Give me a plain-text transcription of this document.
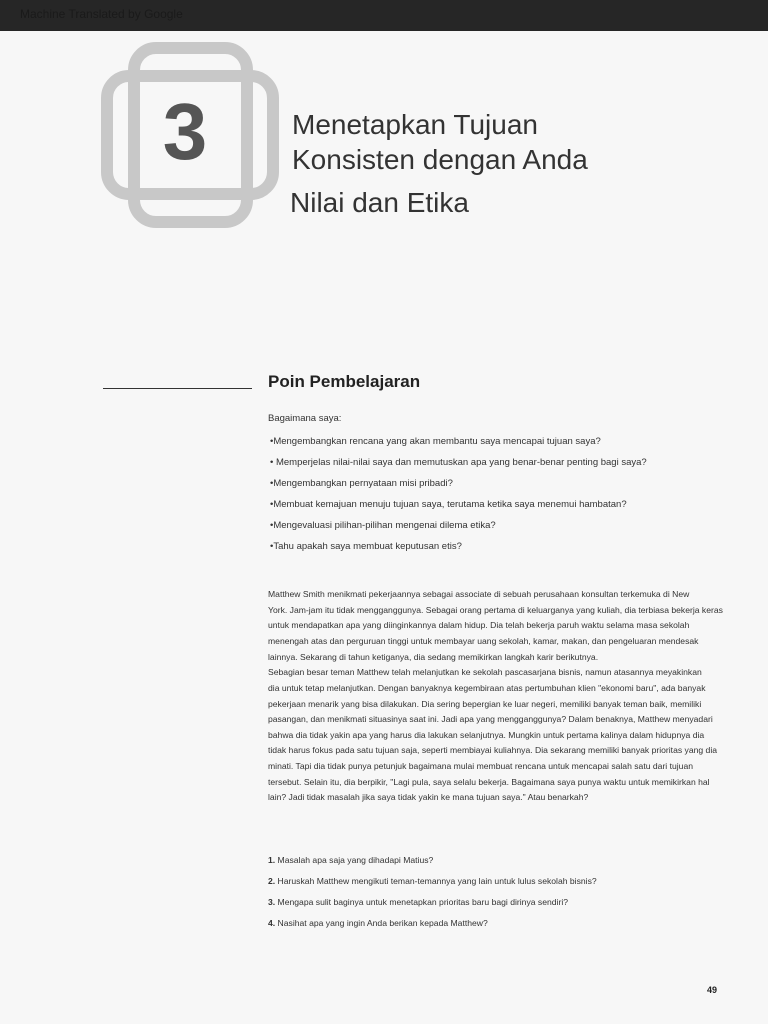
Machine Translated by Google
3	Menetapkan Tujuan
Konsisten dengan Anda
Nilai dan Etika
Poin Pembelajaran
Bagaimana saya:
•Mengembangkan rencana yang akan membantu saya mencapai tujuan saya?
• Memperjelas nilai-nilai saya dan memutuskan apa yang benar-benar penting bagi saya?
•Mengembangkan pernyataan misi pribadi?
•Membuat kemajuan menuju tujuan saya, terutama ketika saya menemui hambatan?
•Mengevaluasi pilihan-pilihan mengenai dilema etika?
•Tahu apakah saya membuat keputusan etis?
Matthew Smith menikmati pekerjaannya sebagai associate di sebuah perusahaan konsultan terkemuka di New
York. Jam-jam itu tidak mengganggunya. Sebagai orang pertama di keluarganya yang kuliah, dia terbiasa bekerja keras
untuk mendapatkan apa yang diinginkannya dalam hidup. Dia telah bekerja paruh waktu selama masa sekolah
menengah atas dan perguruan tinggi untuk membayar uang sekolah, kamar, makan, dan pengeluaran mendesak
lainnya. Sekarang di tahun ketiganya, dia sedang memikirkan langkah karir berikutnya.
Sebagian besar teman Matthew telah melanjutkan ke sekolah pascasarjana bisnis, namun atasannya meyakinkan
dia untuk tetap melanjutkan. Dengan banyaknya kegembiraan atas pertumbuhan klien "ekonomi baru", ada banyak
pekerjaan menarik yang bisa dilakukan. Dia sering bepergian ke luar negeri, memiliki banyak teman baik, memiliki
pasangan, dan menikmati situasinya saat ini. Jadi apa yang mengganggunya? Dalam benaknya, Matthew menyadari
bahwa dia tidak yakin apa yang harus dia lakukan selanjutnya. Mungkin untuk pertama kalinya dalam hidupnya dia
tidak harus fokus pada satu tujuan saja, seperti membiayai kuliahnya. Dia sekarang memiliki banyak prioritas yang dia
minati. Tapi dia tidak punya petunjuk bagaimana mulai membuat rencana untuk mencapai salah satu dari tujuan
tersebut. Selain itu, dia berpikir, "Lagi pula, saya selalu bekerja. Bagaimana saya punya waktu untuk memikirkan hal
lain? Jadi tidak masalah jika saya tidak yakin ke mana tujuan saya." Atau benarkah?
1. Masalah apa saja yang dihadapi Matius?
2. Haruskah Matthew mengikuti teman-temannya yang lain untuk lulus sekolah bisnis?
3. Mengapa sulit baginya untuk menetapkan prioritas baru bagi dirinya sendiri?
4. Nasihat apa yang ingin Anda berikan kepada Matthew?
49
